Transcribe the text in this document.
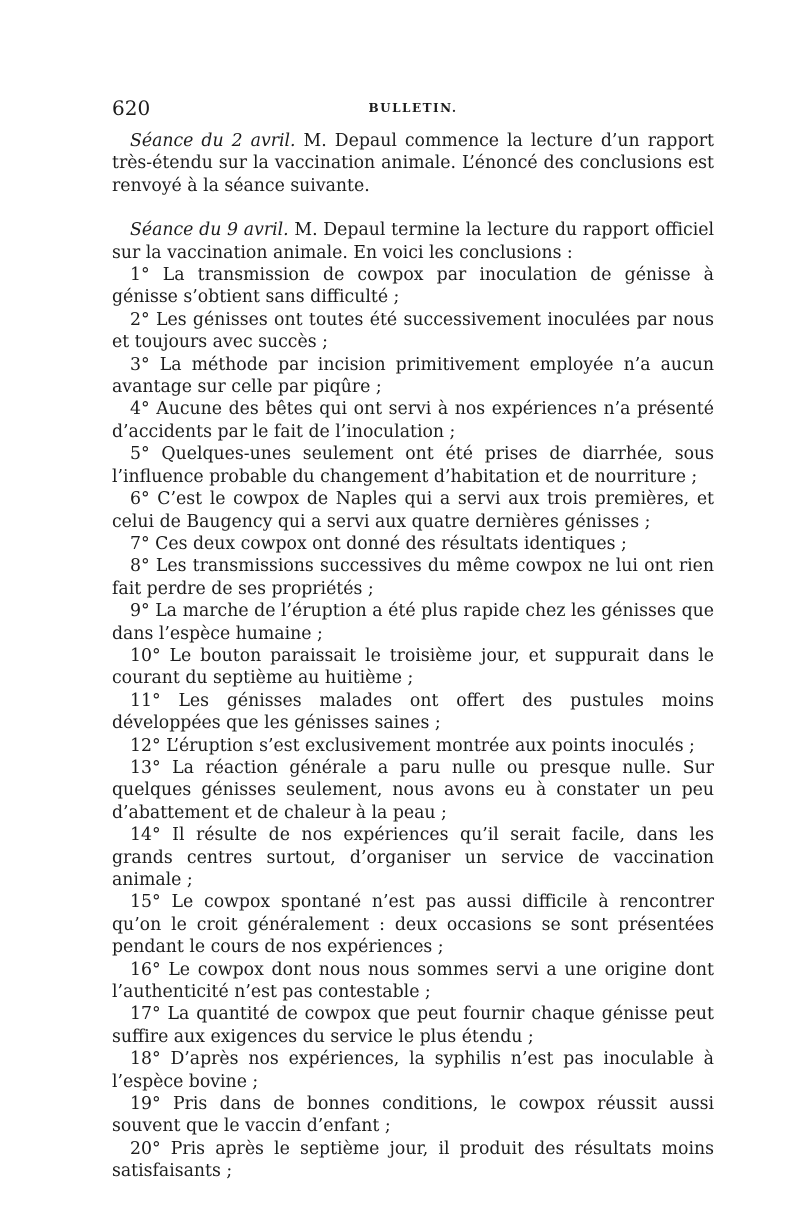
620	BULLETIN.

Séance du 2 avril. M. Depaul commence la lecture d’un rapport très-étendu sur la vaccination animale. L’énoncé des conclusions est renvoyé à la séance suivante.

Séance du 9 avril. M. Depaul termine la lecture du rapport officiel sur la vaccination animale. En voici les conclusions :

1° La transmission de cowpox par inoculation de génisse à génisse s’obtient sans difficulté ;

2° Les génisses ont toutes été successivement inoculées par nous et toujours avec succès ;

3° La méthode par incision primitivement employée n’a aucun avantage sur celle par piqûre ;

4° Aucune des bêtes qui ont servi à nos expériences n’a présenté d’accidents par le fait de l’inoculation ;

5° Quelques-unes seulement ont été prises de diarrhée, sous l’influence probable du changement d’habitation et de nourriture ;

6° C’est le cowpox de Naples qui a servi aux trois premières, et celui de Baugency qui a servi aux quatre dernières génisses ;

7° Ces deux cowpox ont donné des résultats identiques ;

8° Les transmissions successives du même cowpox ne lui ont rien fait perdre de ses propriétés ;

9° La marche de l’éruption a été plus rapide chez les génisses que dans l’espèce humaine ;

10° Le bouton paraissait le troisième jour, et suppurait dans le courant du septième au huitième ;

11° Les génisses malades ont offert des pustules moins développées que les génisses saines ;

12° L’éruption s’est exclusivement montrée aux points inoculés ;

13° La réaction générale a paru nulle ou presque nulle. Sur quelques génisses seulement, nous avons eu à constater un peu d’abattement et de chaleur à la peau ;

14° Il résulte de nos expériences qu’il serait facile, dans les grands centres surtout, d’organiser un service de vaccination animale ;

15° Le cowpox spontané n’est pas aussi difficile à rencontrer qu’on le croit généralement : deux occasions se sont présentées pendant le cours de nos expériences ;

16° Le cowpox dont nous nous sommes servi a une origine dont l’authenticité n’est pas contestable ;

17° La quantité de cowpox que peut fournir chaque génisse peut suffire aux exigences du service le plus étendu ;

18° D’après nos expériences, la syphilis n’est pas inoculable à l’espèce bovine ;

19° Pris dans de bonnes conditions, le cowpox réussit aussi souvent que le vaccin d’enfant ;

20° Pris après le septième jour, il produit des résultats moins satisfaisants ;
